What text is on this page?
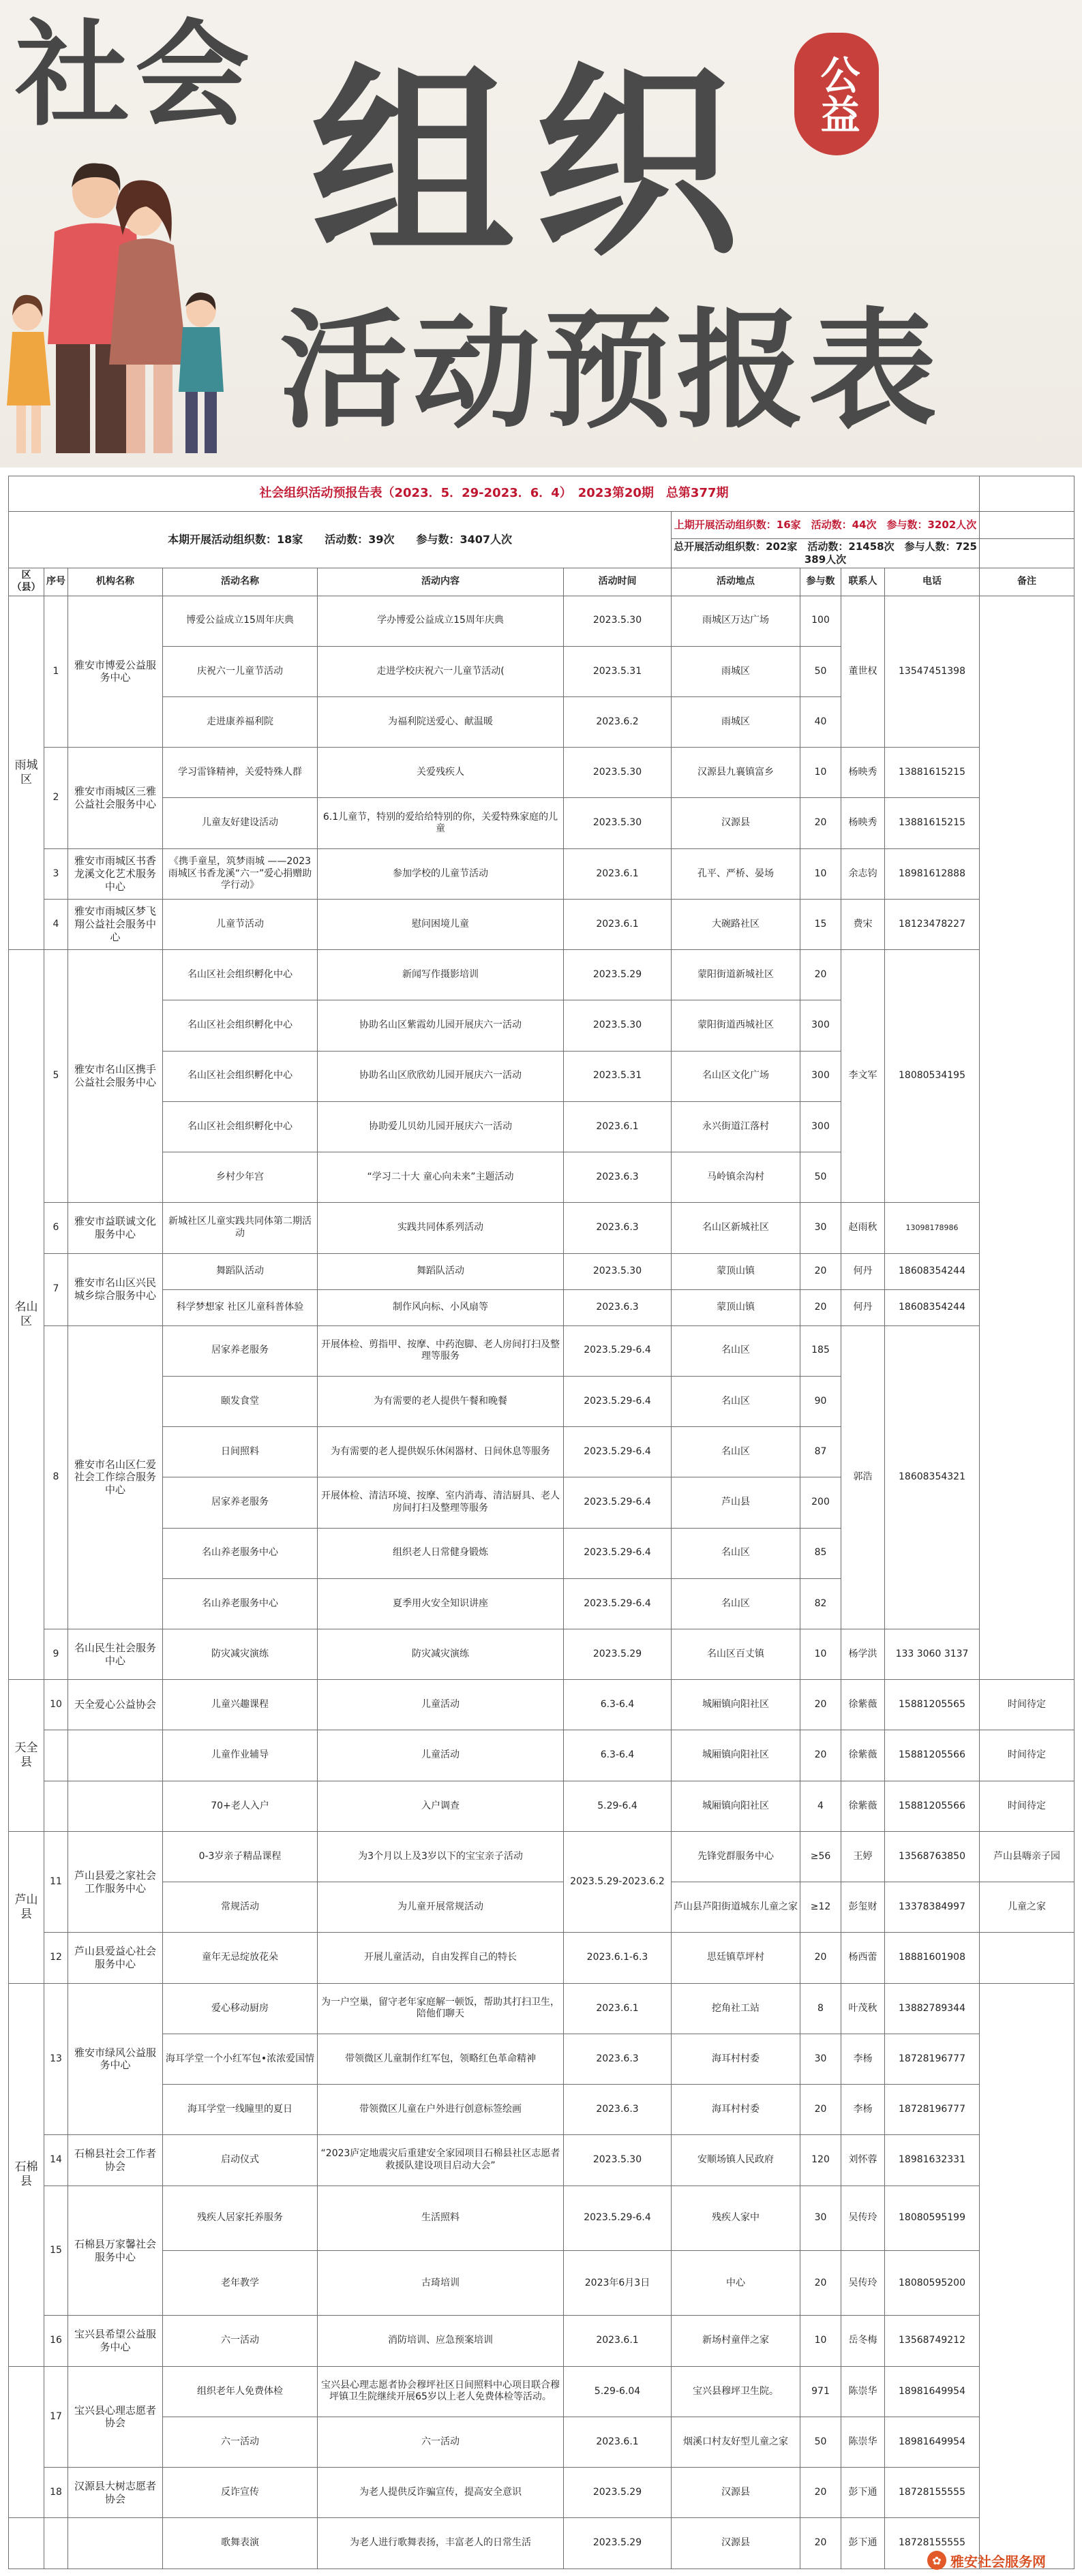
社会 组织
活动预报表
公益
社会组织活动预报告表（2023．5．29-2023．6．4）　2023第20期　总第377期										
本期开展活动组织数：18家　　活动数：39次　　参与数：3407人次						上期开展活动组织数：16家　活动数：44次　参与数：3202人次				
						总开展活动组织数：202家　活动数：21458次　参与人数：725389人次				
区（县）	序号	机构名称	活动名称	活动内容	活动时间	活动地点	参与数	联系人	电话	备注
雨城区	1	雅安市博爱公益服务中心	博爱公益成立15周年庆典	学办博爱公益成立15周年庆典	2023.5.30	雨城区万达广场	100	董世权	13547451398	
			庆祝六一儿童节活动	走进学校庆祝六一儿童节活动(	2023.5.31	雨城区	50			
			走进康养福利院	为福利院送爱心、献温暖	2023.6.2	雨城区	40			
	2	雅安市雨城区三雅公益社会服务中心	学习雷锋精神，关爱特殊人群	关爱残疾人	2023.5.30	汉源县九襄镇富乡	10	杨映秀	13881615215	
			儿童友好建设活动	6.1儿童节，特别的爱给给特别的你，关爱特殊家庭的儿童	2023.5.30	汉源县	20	杨映秀	13881615215	
	3	雅安市雨城区书香龙溪文化艺术服务中心	《携手童星，筑梦雨城 ——2023雨城区书香龙溪“六一”爱心捐赠助学行动》	参加学校的儿童节活动	2023.6.1	孔平、严桥、晏场	10	余志钧	18981612888	
	4	雅安市雨城区梦飞翔公益社会服务中心	儿童节活动	慰问困境儿童	2023.6.1	大碗路社区	15	费宋	18123478227	
名山区	5	雅安市名山区携手公益社会服务中心	名山区社会组织孵化中心	新闻写作摄影培训	2023.5.29	蒙阳街道新城社区	20	李文军	18080534195	
			名山区社会组织孵化中心	协助名山区紫霞幼儿园开展庆六一活动	2023.5.30	蒙阳街道西城社区	300			
			名山区社会组织孵化中心	协助名山区欣欣幼儿园开展庆六一活动	2023.5.31	名山区文化广场	300			
			名山区社会组织孵化中心	协助爱儿贝幼儿园开展庆六一活动	2023.6.1	永兴街道江落村	300			
			乡村少年宫	“学习二十大 童心向未来”主题活动	2023.6.3	马岭镇余沟村	50			
	6	雅安市益联诚文化服务中心	新城社区儿童实践共同体第二期活动	实践共同体系列活动	2023.6.3	名山区新城社区	30	赵雨秋	13098178986	
	7	雅安市名山区兴民城乡综合服务中心	舞蹈队活动	舞蹈队活动	2023.5.30	蒙顶山镇	20	何丹	18608354244	
			科学梦想家 社区儿童科普体验	制作风向标、小风扇等	2023.6.3	蒙顶山镇	20	何丹	18608354244	
	8	雅安市名山区仁爱社会工作综合服务中心	居家养老服务	开展体检、剪指甲、按摩、中药泡脚、老人房间打扫及整理等服务	2023.5.29-6.4	名山区	185	郭浩	18608354321	
			颐发食堂	为有需要的老人提供午餐和晚餐	2023.5.29-6.4	名山区	90			
			日间照料	为有需要的老人提供娱乐休闲器材、日间休息等服务	2023.5.29-6.4	名山区	87			
			居家养老服务	开展体检、清洁环境、按摩、室内消毒、清洁厨具、老人房间打扫及整理等服务	2023.5.29-6.4	芦山县	200			
			名山养老服务中心	组织老人日常健身锻炼	2023.5.29-6.4	名山区	85			
			名山养老服务中心	夏季用火安全知识讲座	2023.5.29-6.4	名山区	82			
	9	名山民生社会服务中心	防灾减灾演练	防灾减灾演练	2023.5.29	名山区百丈镇	10	杨学洪	133 3060 3137	
天全县	10	天全爱心公益协会	儿童兴趣课程	儿童活动	6.3-6.4	城厢镇向阳社区	20	徐紫薇	15881205565	时间待定
			儿童作业辅导	儿童活动	6.3-6.4	城厢镇向阳社区	20	徐紫薇	15881205566	时间待定
			70+老人入户	入户调查	5.29-6.4	城厢镇向阳社区	4	徐紫薇	15881205566	时间待定
芦山县	11	芦山县爱之家社会工作服务中心	0-3岁亲子精品课程	为3个月以上及3岁以下的宝宝亲子活动	2023.5.29-2023.6.2	先锋党群服务中心	≥56	王婷	13568763850	芦山县嗨亲子园
			常规活动	为儿童开展常规活动		芦山县芦阳街道城东儿童之家	≥12	彭玺财	13378384997	儿童之家
	12	芦山县爱益心社会服务中心	童年无忌绽放花朵	开展儿童活动，自由发挥自己的特长	2023.6.1-6.3	思廷镇草坪村	20	杨西蕾	18881601908	
石棉县	13	雅安市绿风公益服务中心	爱心移动厨房	为一户空巢，留守老年家庭解一顿饭，帮助其打扫卫生，陪他们聊天	2023.6.1	挖角社工站	8	叶茂秋	13882789344	
			海耳学堂一个小红军包•浓浓爱国情	带领微区儿童制作红军包，领略红色革命精神	2023.6.3	海耳村村委	30	李杨	18728196777	
			海耳学堂一线瞳里的夏日	带领微区儿童在户外进行创意标签绘画	2023.6.3	海耳村村委	20	李杨	18728196777	
	14	石棉县社会工作者协会	启动仪式	“2023庐定地震灾后重建安全家园项目石棉县社区志愿者救援队建设项目启动大会”	2023.5.30	安顺场镇人民政府	120	刘怀蓉	18981632331	
	15	石棉县万家馨社会服务中心	残疾人居家托养服务	生活照料	2023.5.29-6.4	残疾人家中	30	吴传玲	18080595199	
			老年教学	古琦培训	2023年6月3日	中心	20	吴传玲	18080595200	
	16	宝兴县希望公益服务中心	六一活动	消防培训、应急预案培训	2023.6.1	新场村童伴之家	10	岳冬梅	13568749212	
	17	宝兴县心理志愿者协会	组织老年人免费体检	宝兴县心理志愿者协会穆坪社区日间照料中心项目联合穆坪镇卫生院继续开展65岁以上老人免费体检等活动。	5.29-6.04	宝兴县穆坪卫生院。	971	陈崇华	18981649954	
			六一活动	六一活动	2023.6.1	烟溪口村友好型儿童之家	50	陈崇华	18981649954	
	18	汉源县大树志愿者协会	反诈宣传	为老人提供反诈骗宣传，提高安全意识	2023.5.29	汉源县	20	彭下通	18728155555	
			歌舞表演	为老人进行歌舞表扬，丰富老人的日常生活	2023.5.29	汉源县	20	彭下通	18728155555	
✿ 雅安社会服务网
